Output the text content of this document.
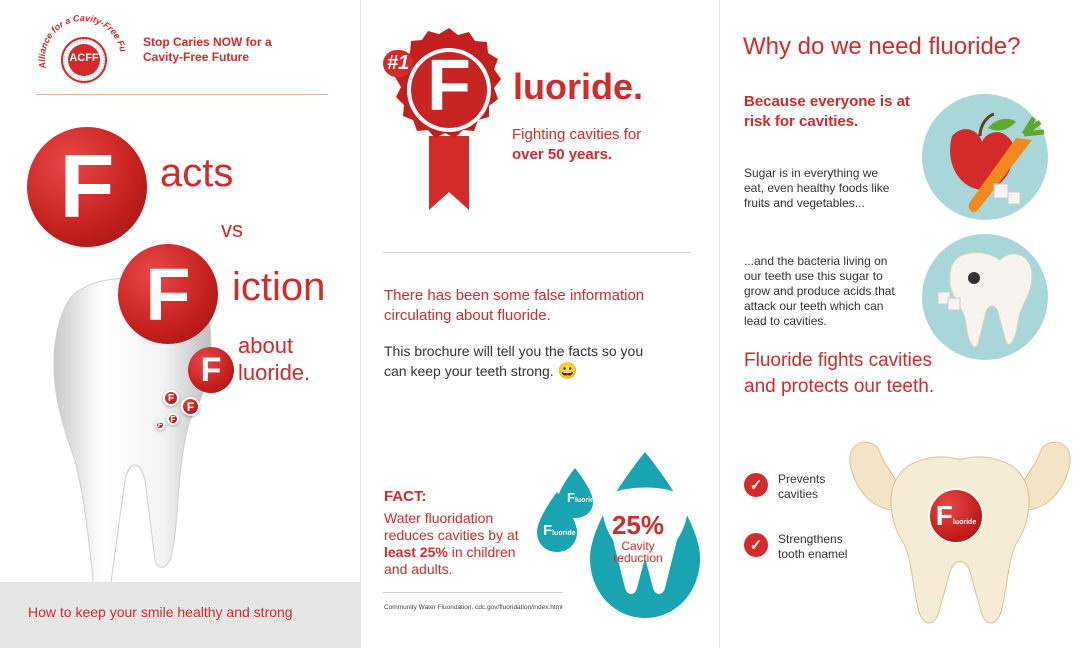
Alliance for a Cavity-Free Fu
ACFF
Stop Caries NOW for a Cavity-Free Future
F	acts
vs
F	iction
F
about
luoride.
F
F
F
F
How to keep your smile healthy and strong
#1 F luoride.
Fighting cavities for
over 50 years.
There has been some false information circulating about fluoride.
This brochure will tell you the facts so you can keep your teeth strong. 😀
FACT:
Water fluoridation reduces cavities by at least 25% in children and adults.
Fluoride
Fluoride	25%
Cavity
reduction
Community Water Fluoridation. cdc.gov/fluoridation/index.html
Why do we need fluoride?
Because everyone is at risk for cavities.
Sugar is in everything we eat, even healthy foods like fruits and vegetables...
...and the bacteria living on our teeth use this sugar to grow and produce acids that attack our teeth which can lead to cavities.
Fluoride fights cavities and protects our teeth.
✓	Prevents cavities
✓	Strengthens tooth enamel
F luoride
